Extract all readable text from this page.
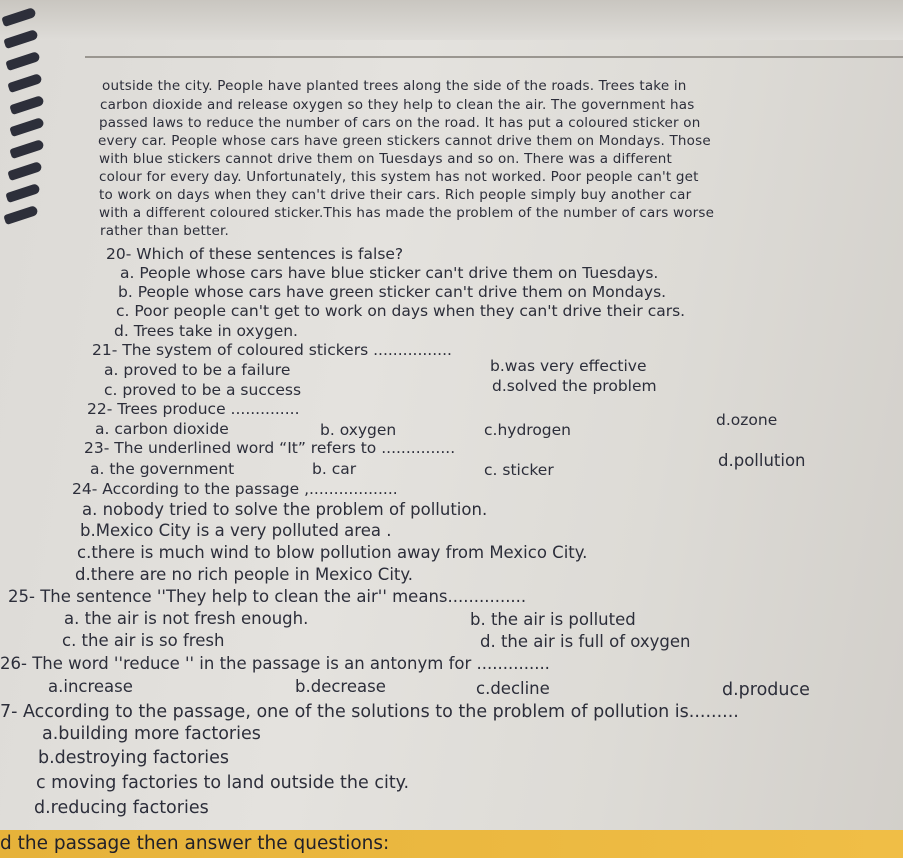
outside the city. People have planted trees along the side of the roads. Trees take in
carbon dioxide and release oxygen so they help to clean the air. The government has
passed laws to reduce the number of cars on the road. It has put a coloured sticker on
every car. People whose cars have green stickers cannot drive them on Mondays. Those
with blue stickers cannot drive them on Tuesdays and so on. There was a different
colour for every day. Unfortunately, this system has not worked. Poor people can't get
to work on days when they can't drive their cars. Rich people simply buy another car
with a different coloured sticker.This has made the problem of the number of cars worse
rather than better.
20- Which of these sentences is false?
a. People whose cars have blue sticker can't drive them on Tuesdays.
b. People whose cars have green sticker can't drive them on Mondays.
c. Poor people can't get to work on days when they can't drive their cars.
d. Trees take in oxygen.
21- The system of coloured stickers ................
a. proved to be a failure	b.was very effective
c. proved to be a success	d.solved the problem
22- Trees produce ..............
a. carbon dioxide	b. oxygen	c.hydrogen
d.ozone
23- The underlined word “It” refers to ...............
a. the government	b. car	c. sticker	d.pollution
24- According to the passage ,..................
a. nobody tried to solve the problem of pollution.
b.Mexico City is a very polluted area .
c.there is much wind to blow pollution away from Mexico City.
d.there are no rich people in Mexico City.
25- The sentence ''They help to clean the air'' means...............
a. the air is not fresh enough.	b. the air is polluted
c. the air is so fresh	d. the air is full of oxygen
26- The word ''reduce '' in the passage is an antonym for ..............
a.increase	b.decrease	c.decline	d.produce
7- According to the passage, one of the solutions to the problem of pollution is.........
a.building more factories
b.destroying factories
c moving factories to land outside the city.
d.reducing factories
d the passage then answer the questions:
